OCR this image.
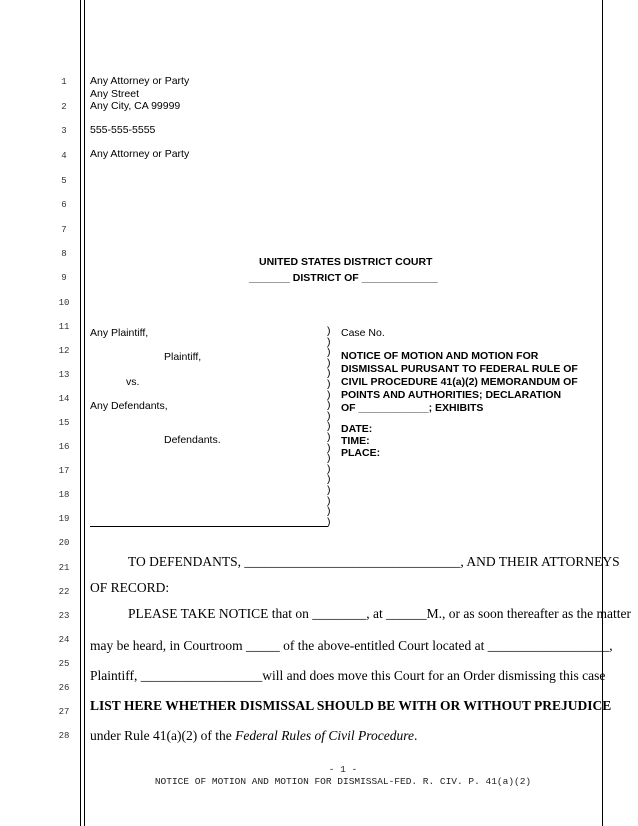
1
2
3
4
5
6
7
8
9
10
11
12
13
14
15
16
17
18
19
20
21
22
23
24
25
26
27
28
Any Attorney or Party
Any Street
Any City, CA 99999
555-555-5555
Any Attorney or Party
UNITED STATES DISTRICT COURT
_______ DISTRICT OF _____________
Any Plaintiff,
Plaintiff,
vs.
Any Defendants,
Defendants.
)
)
)
)
)
)
)
)
)
)
)
)
)
)
)
)
)
)
)
Case No.
NOTICE OF MOTION AND MOTION FOR
DISMISSAL PURUSANT TO FEDERAL RULE OF
CIVIL PROCEDURE 41(a)(2) MEMORANDUM OF
POINTS AND AUTHORITIES; DECLARATION
OF ____________; EXHIBITS
DATE:
TIME:
PLACE:
TO DEFENDANTS, ________________________________, AND THEIR ATTORNEYS
OF RECORD:
PLEASE TAKE NOTICE that on ________, at ______M., or as soon thereafter as the matter
may be heard, in Courtroom _____ of the above-entitled Court located at __________________,
Plaintiff, __________________will and does move this Court for an Order dismissing this case
LIST HERE WHETHER DISMISSAL SHOULD BE WITH OR WITHOUT PREJUDICE
under Rule 41(a)(2) of the Federal Rules of Civil Procedure.
- 1 -
NOTICE OF MOTION AND MOTION FOR DISMISSAL-FED. R. CIV. P. 41(a)(2)
